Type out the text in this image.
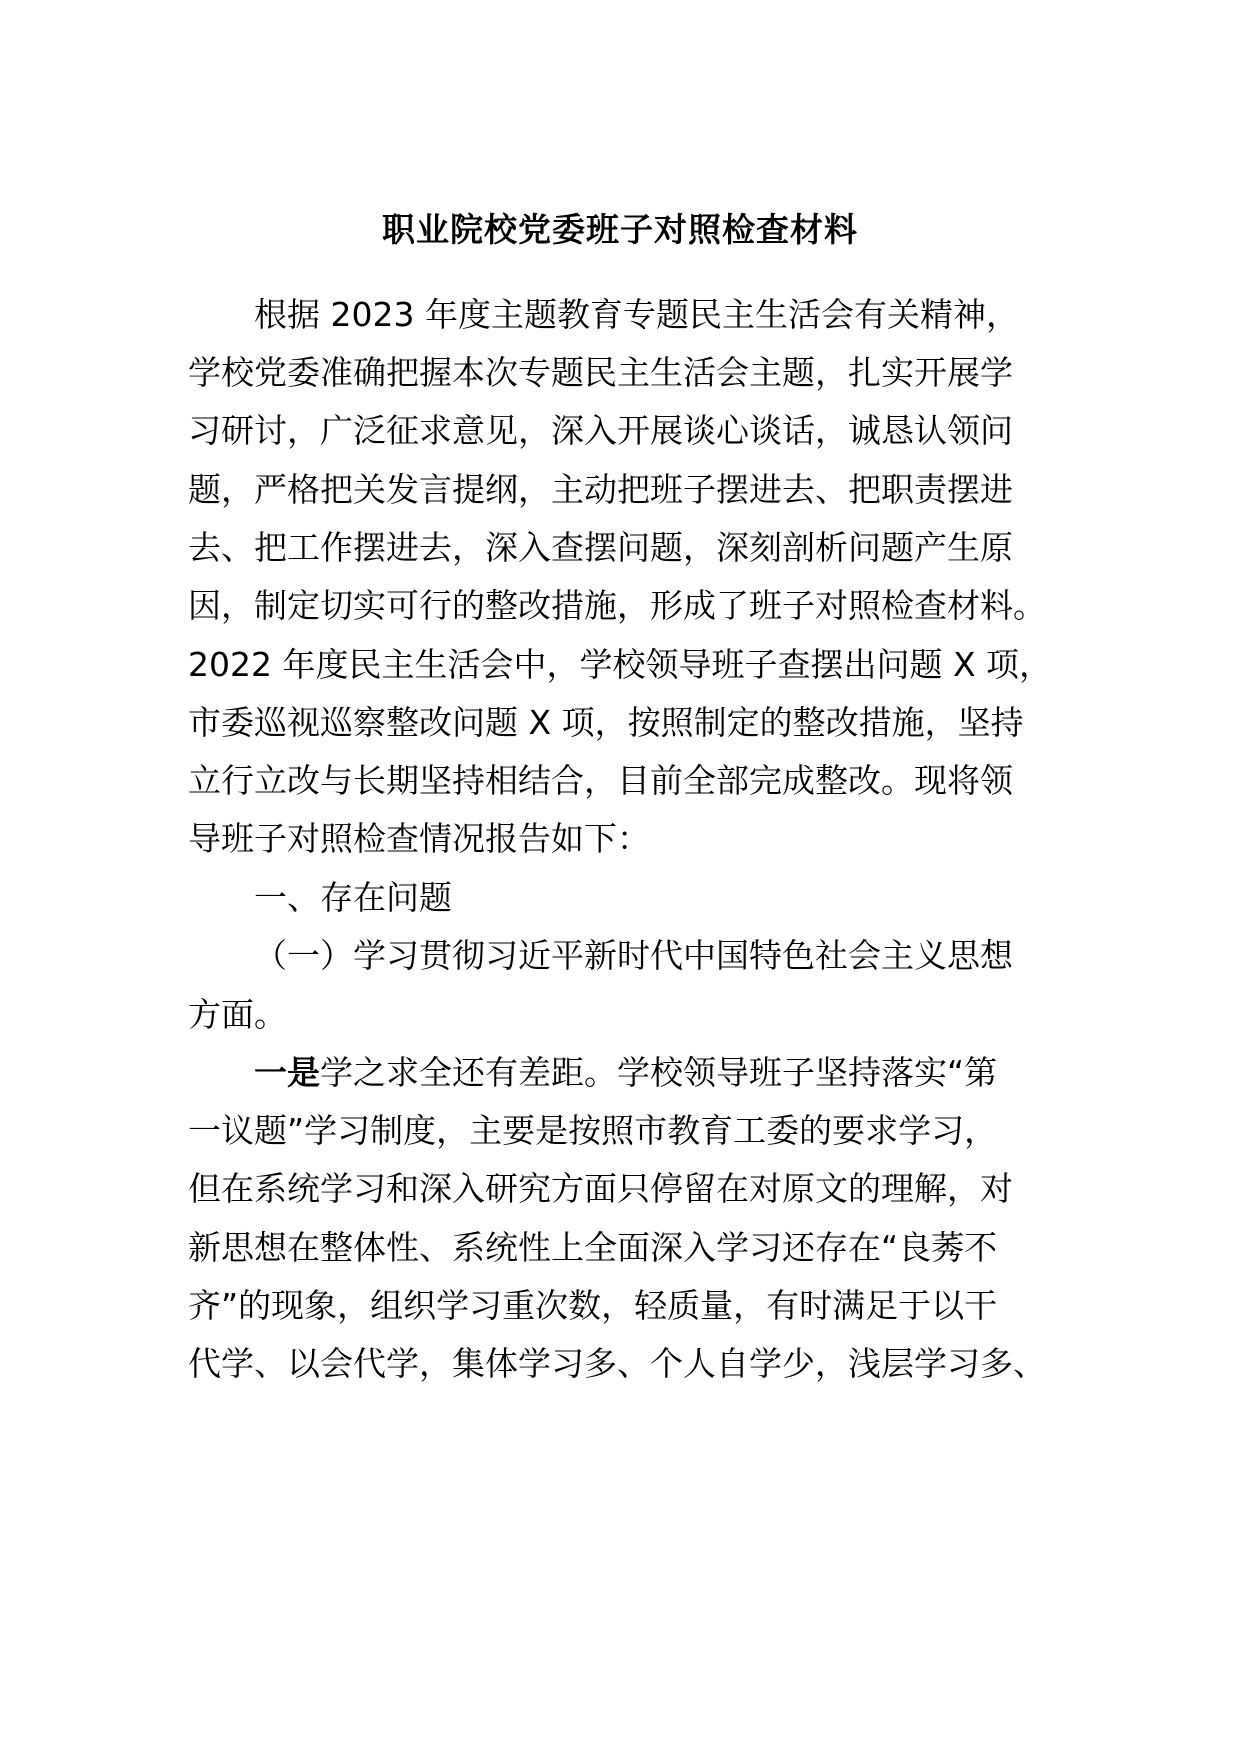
职业院校党委班子对照检查材料
根据 2023 年度主题教育专题民主生活会有关精神，
学校党委准确把握本次专题民主生活会主题，扎实开展学
习研讨，广泛征求意见，深入开展谈心谈话，诚恳认领问
题，严格把关发言提纲，主动把班子摆进去、把职责摆进
去、把工作摆进去，深入查摆问题，深刻剖析问题产生原
因，制定切实可行的整改措施，形成了班子对照检查材料。
2022 年度民主生活会中，学校领导班子查摆出问题 X 项，
市委巡视巡察整改问题 X 项，按照制定的整改措施，坚持
立行立改与长期坚持相结合，目前全部完成整改。现将领
导班子对照检查情况报告如下：
一、存在问题
（一）学习贯彻习近平新时代中国特色社会主义思想
方面。
一是学之求全还有差距。学校领导班子坚持落实“第
一议题”学习制度，主要是按照市教育工委的要求学习，
但在系统学习和深入研究方面只停留在对原文的理解，对
新思想在整体性、系统性上全面深入学习还存在“良莠不
齐”的现象，组织学习重次数，轻质量，有时满足于以干
代学、以会代学，集体学习多、个人自学少，浅层学习多、
